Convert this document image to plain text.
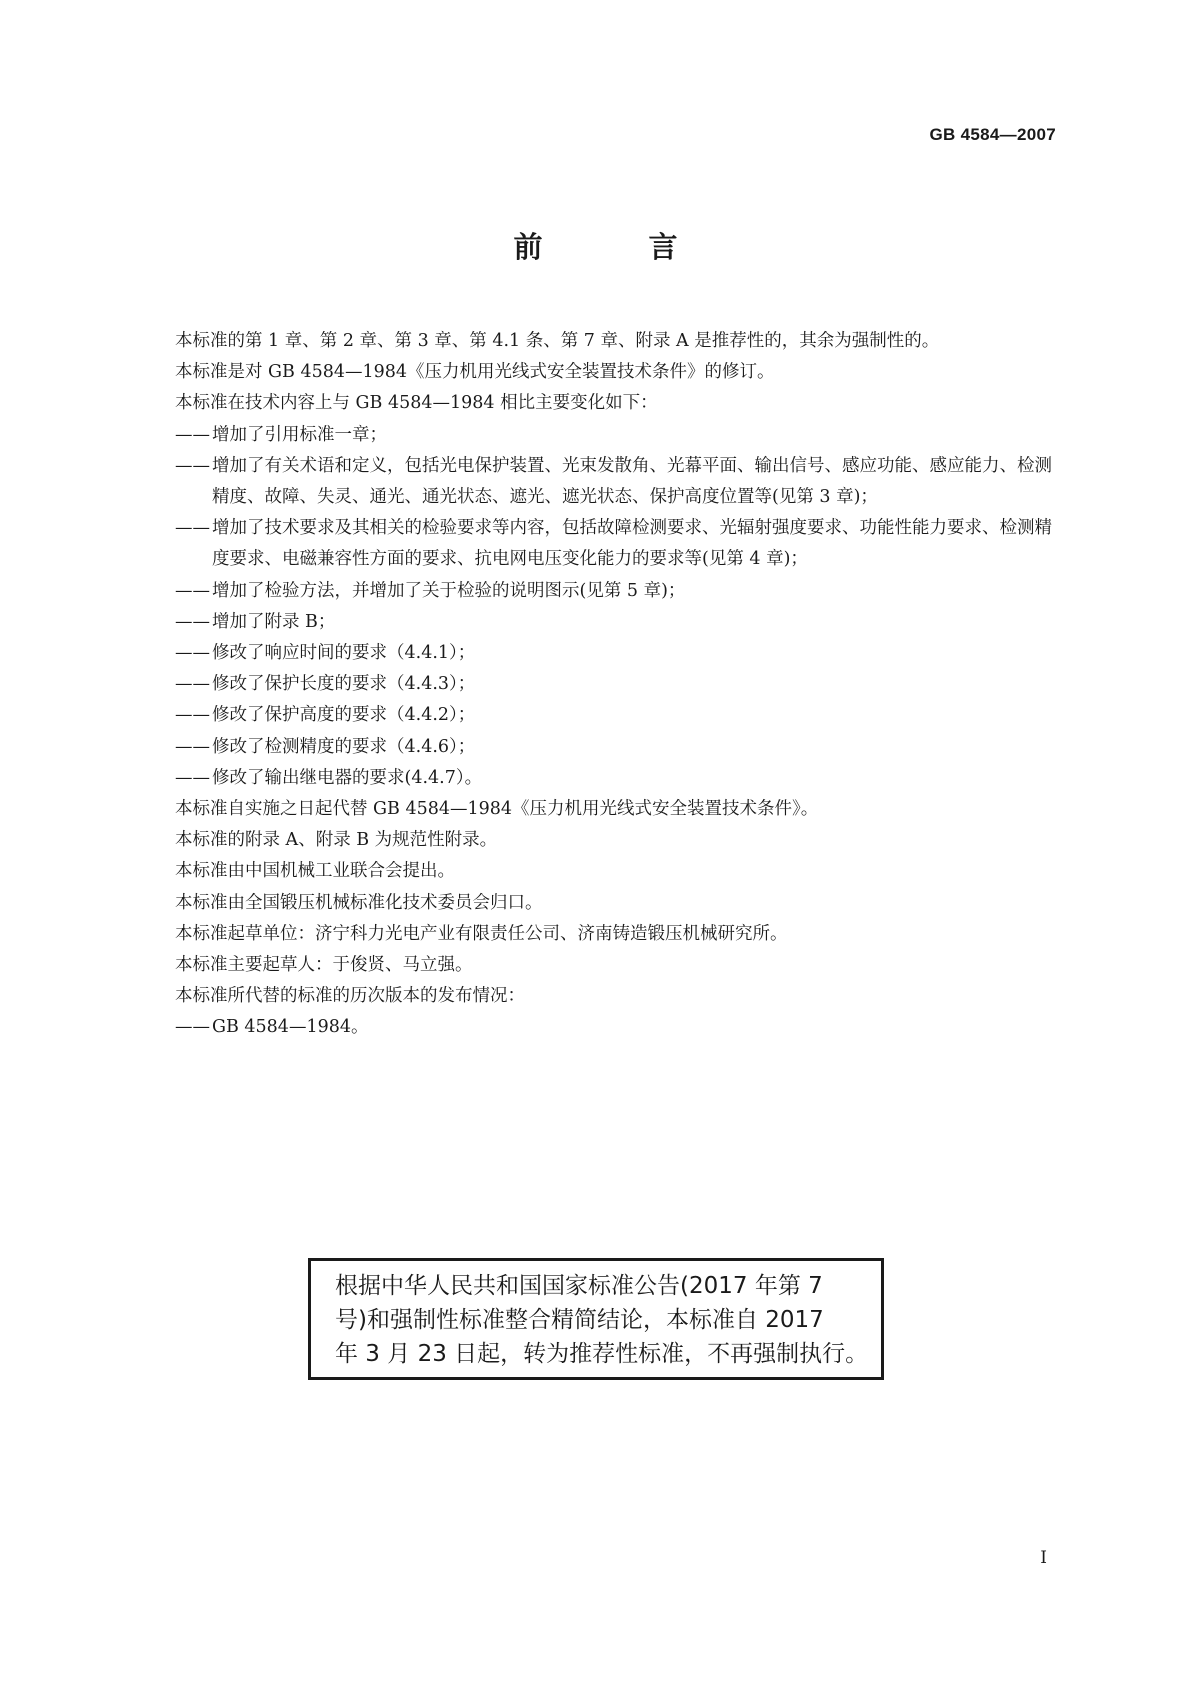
GB 4584—2007
前 言

本标准的第 1 章、第 2 章、第 3 章、第 4.1 条、第 7 章、附录 A 是推荐性的，其余为强制性的。

本标准是对 GB 4584—1984《压力机用光线式安全装置技术条件》的修订。

本标准在技术内容上与 GB 4584—1984 相比主要变化如下：

—— 增加了引用标准一章；

—— 增加了有关术语和定义，包括光电保护装置、光束发散角、光幕平面、输出信号、感应功能、感应能力、检测精度、故障、失灵、通光、通光状态、遮光、遮光状态、保护高度位置等(见第 3 章)；

—— 增加了技术要求及其相关的检验要求等内容，包括故障检测要求、光辐射强度要求、功能性能力要求、检测精度要求、电磁兼容性方面的要求、抗电网电压变化能力的要求等(见第 4 章)；

—— 增加了检验方法，并增加了关于检验的说明图示(见第 5 章)；

—— 增加了附录 B；

—— 修改了响应时间的要求（4.4.1）；

—— 修改了保护长度的要求（4.4.3）；

—— 修改了保护高度的要求（4.4.2）；

—— 修改了检测精度的要求（4.4.6）；

—— 修改了输出继电器的要求(4.4.7）。

本标准自实施之日起代替 GB 4584—1984《压力机用光线式安全装置技术条件》。

本标准的附录 A、附录 B 为规范性附录。

本标准由中国机械工业联合会提出。

本标准由全国锻压机械标准化技术委员会归口。

本标准起草单位：济宁科力光电产业有限责任公司、济南铸造锻压机械研究所。

本标准主要起草人：于俊贤、马立强。

本标准所代替的标准的历次版本的发布情况：

—— GB 4584—1984。

根据中华人民共和国国家标准公告(2017 年第 7

号)和强制性标准整合精简结论，本标准自 2017

年 3 月 23 日起，转为推荐性标准，不再强制执行。

I
